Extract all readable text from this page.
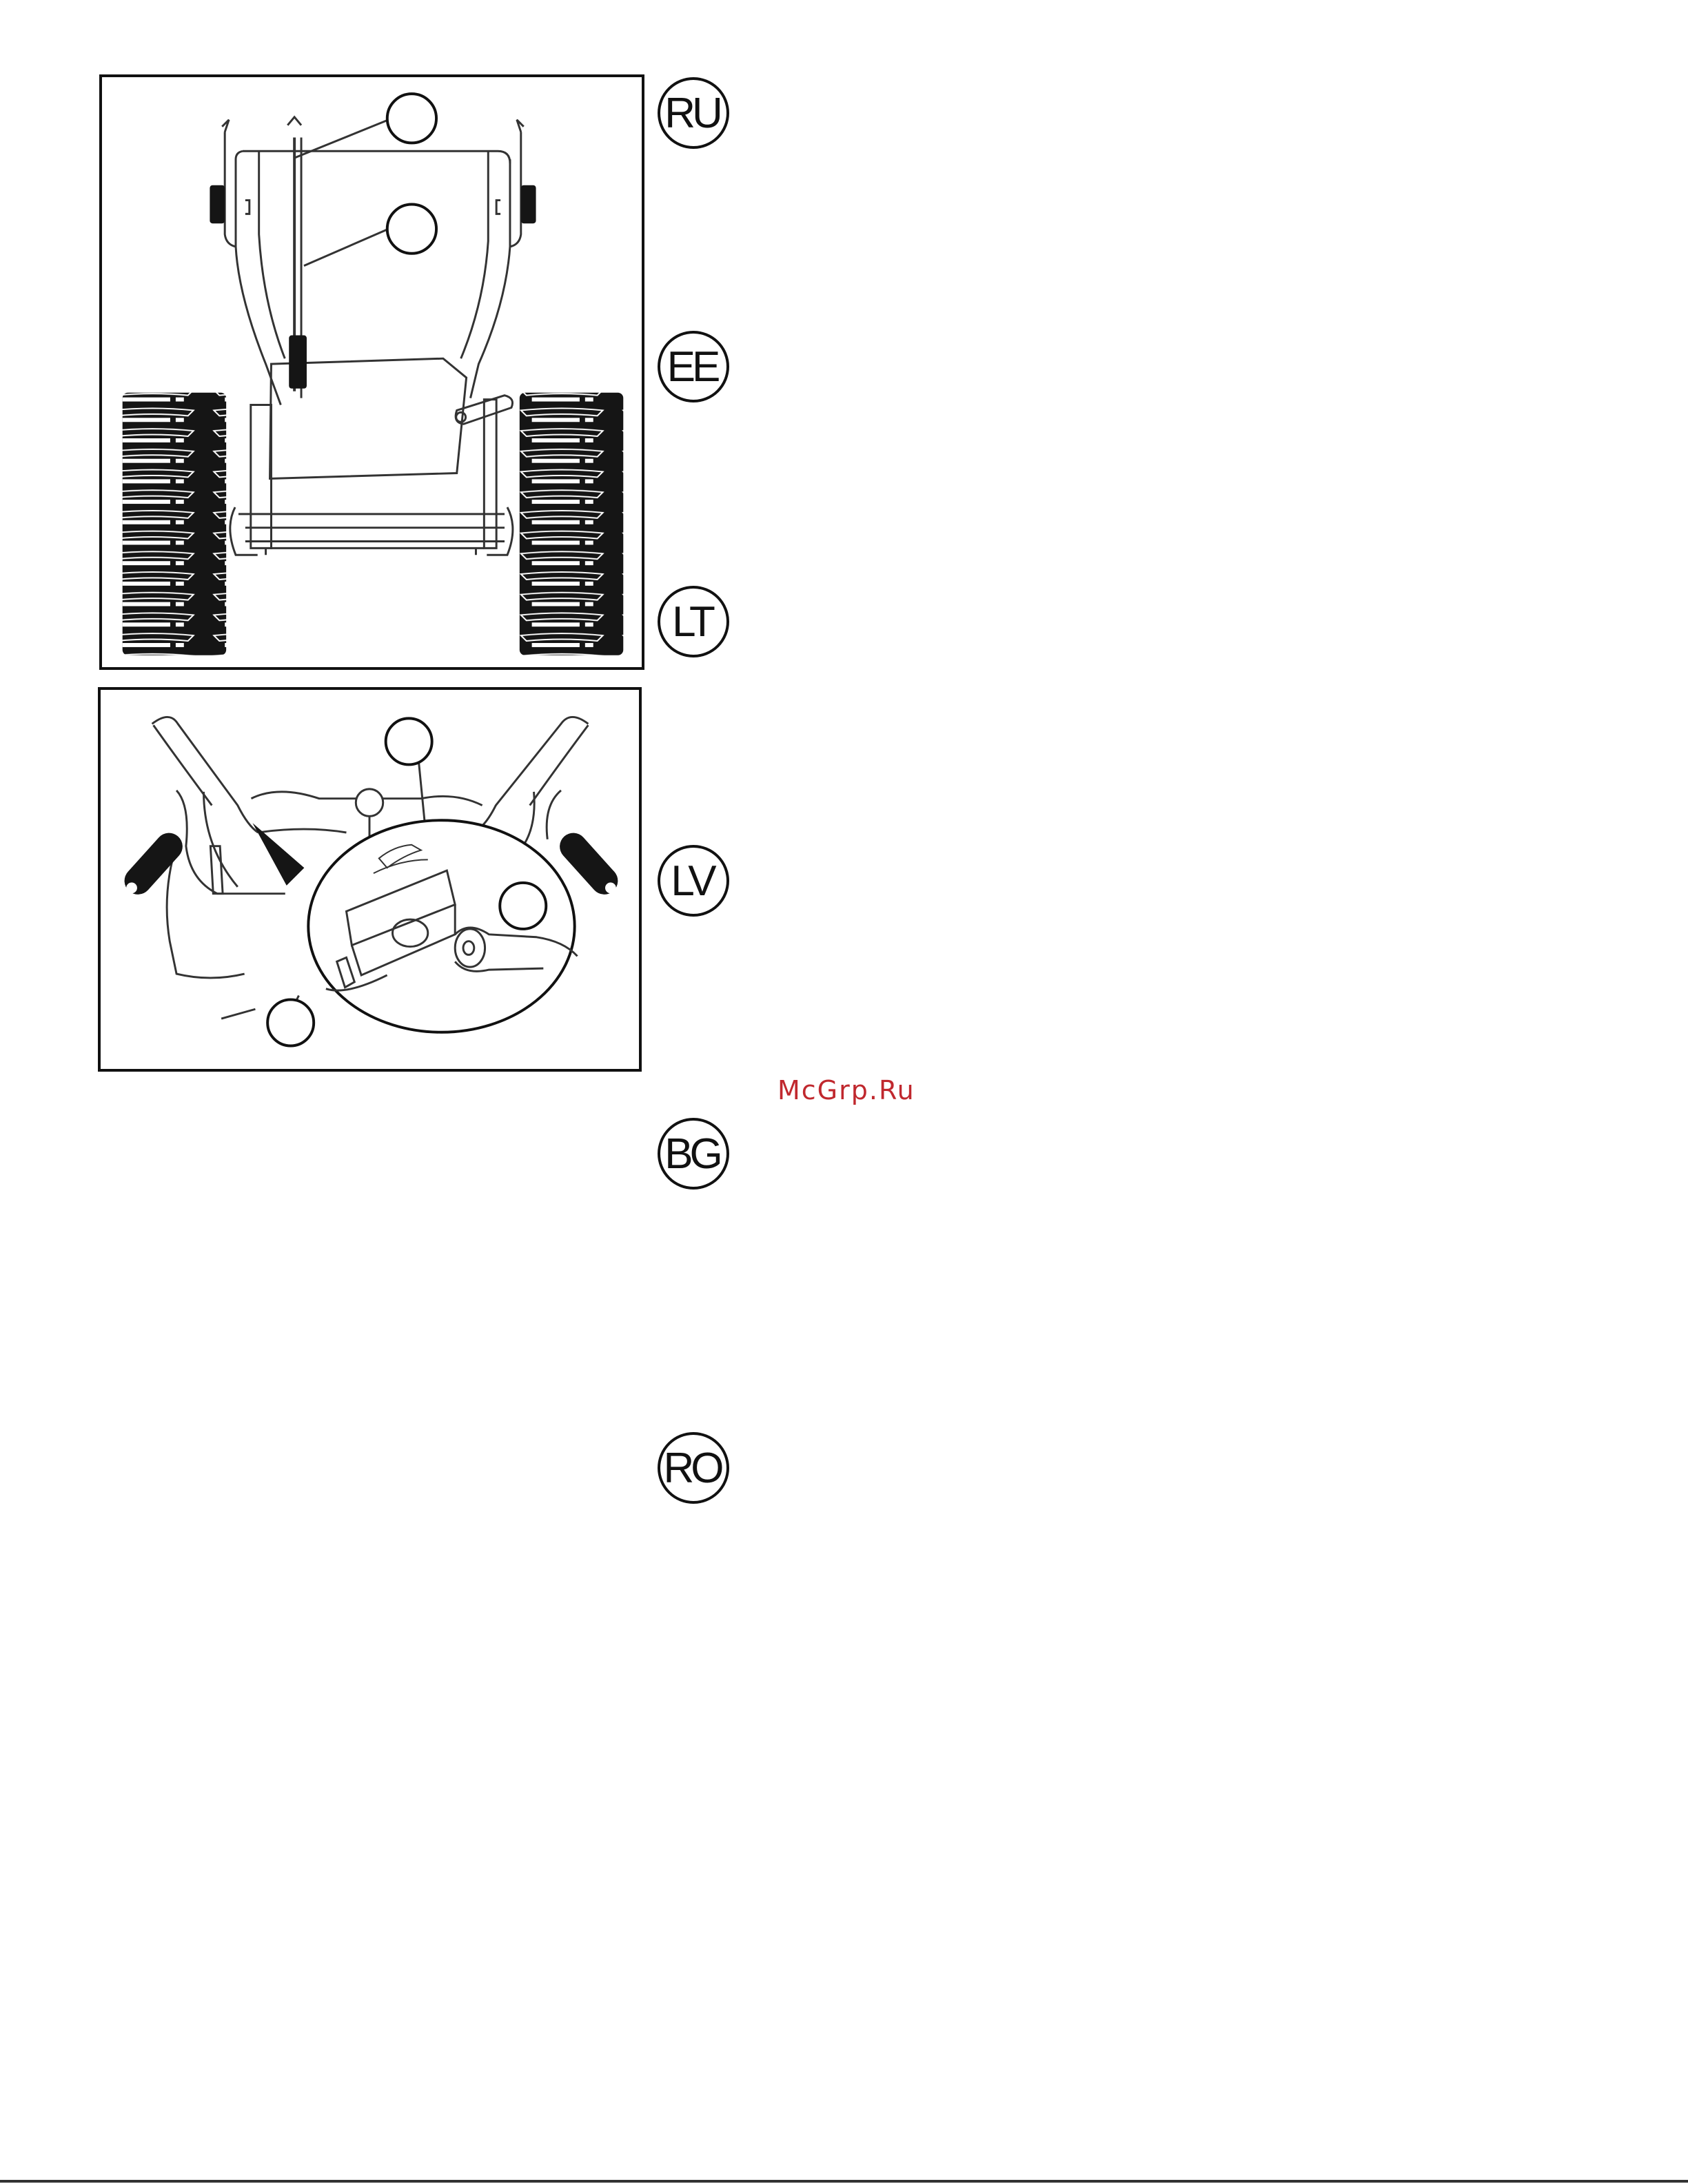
RU
EE
LT
LV
BG
RO
McGrp.Ru
